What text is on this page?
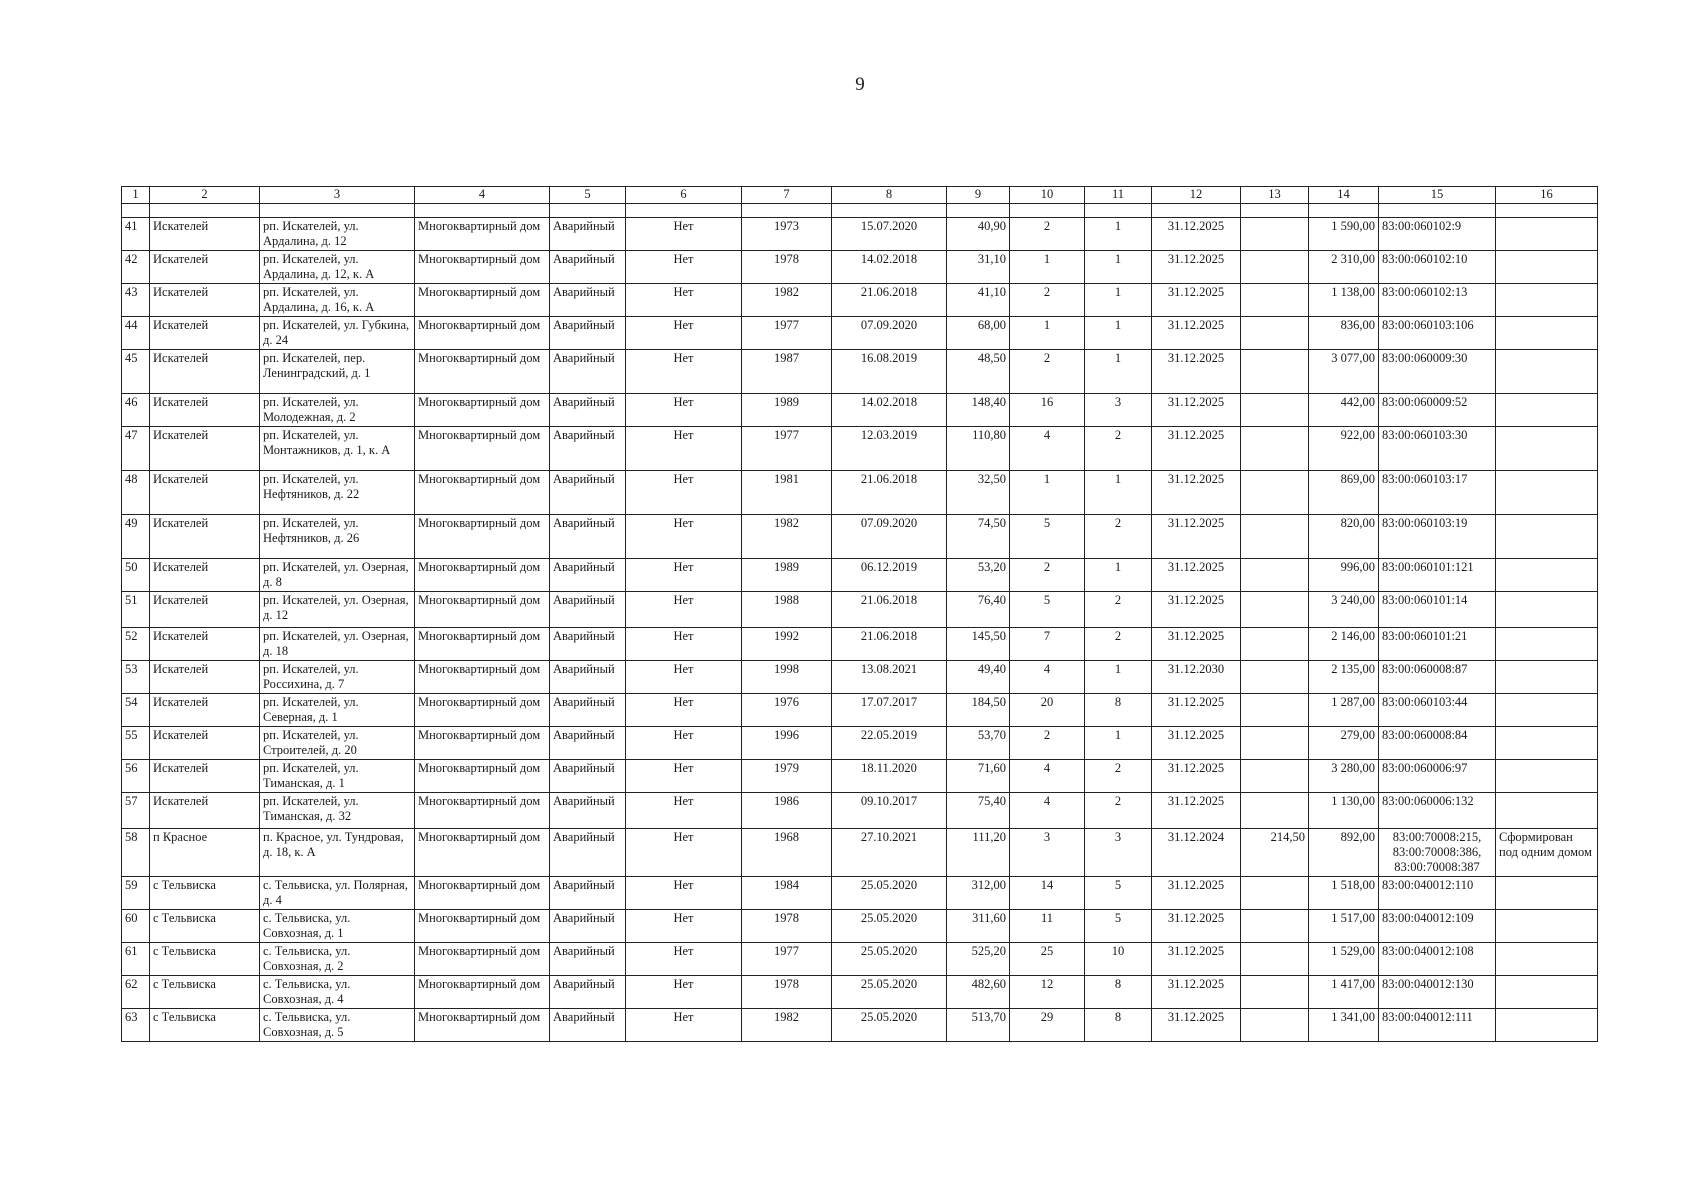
9
1	2	3	4	5	6	7	8	9	10	11	12	13	14	15	16

41	Искателей	рп. Искателей, ул. Ардалина, д. 12	Многоквартирный дом	Аварийный	Нет	1973	15.07.2020	40,90	2	1	31.12.2025		1 590,00	83:00:060102:9	
42	Искателей	рп. Искателей, ул. Ардалина, д. 12, к. А	Многоквартирный дом	Аварийный	Нет	1978	14.02.2018	31,10	1	1	31.12.2025		2 310,00	83:00:060102:10	
43	Искателей	рп. Искателей, ул. Ардалина, д. 16, к. А	Многоквартирный дом	Аварийный	Нет	1982	21.06.2018	41,10	2	1	31.12.2025		1 138,00	83:00:060102:13	
44	Искателей	рп. Искателей, ул. Губкина, д. 24	Многоквартирный дом	Аварийный	Нет	1977	07.09.2020	68,00	1	1	31.12.2025		836,00	83:00:060103:106	
45	Искателей	рп. Искателей, пер. Ленинградский, д. 1	Многоквартирный дом	Аварийный	Нет	1987	16.08.2019	48,50	2	1	31.12.2025		3 077,00	83:00:060009:30	
46	Искателей	рп. Искателей, ул. Молодежная, д. 2	Многоквартирный дом	Аварийный	Нет	1989	14.02.2018	148,40	16	3	31.12.2025		442,00	83:00:060009:52	
47	Искателей	рп. Искателей, ул. Монтажников, д. 1, к. А	Многоквартирный дом	Аварийный	Нет	1977	12.03.2019	110,80	4	2	31.12.2025		922,00	83:00:060103:30	
48	Искателей	рп. Искателей, ул. Нефтяников, д. 22	Многоквартирный дом	Аварийный	Нет	1981	21.06.2018	32,50	1	1	31.12.2025		869,00	83:00:060103:17	
49	Искателей	рп. Искателей, ул. Нефтяников, д. 26	Многоквартирный дом	Аварийный	Нет	1982	07.09.2020	74,50	5	2	31.12.2025		820,00	83:00:060103:19	
50	Искателей	рп. Искателей, ул. Озерная, д. 8	Многоквартирный дом	Аварийный	Нет	1989	06.12.2019	53,20	2	1	31.12.2025		996,00	83:00:060101:121	
51	Искателей	рп. Искателей, ул. Озерная, д. 12	Многоквартирный дом	Аварийный	Нет	1988	21.06.2018	76,40	5	2	31.12.2025		3 240,00	83:00:060101:14	
52	Искателей	рп. Искателей, ул. Озерная, д. 18	Многоквартирный дом	Аварийный	Нет	1992	21.06.2018	145,50	7	2	31.12.2025		2 146,00	83:00:060101:21	
53	Искателей	рп. Искателей, ул. Россихина, д. 7	Многоквартирный дом	Аварийный	Нет	1998	13.08.2021	49,40	4	1	31.12.2030		2 135,00	83:00:060008:87	
54	Искателей	рп. Искателей, ул. Северная, д. 1	Многоквартирный дом	Аварийный	Нет	1976	17.07.2017	184,50	20	8	31.12.2025		1 287,00	83:00:060103:44	
55	Искателей	рп. Искателей, ул. Строителей, д. 20	Многоквартирный дом	Аварийный	Нет	1996	22.05.2019	53,70	2	1	31.12.2025		279,00	83:00:060008:84	
56	Искателей	рп. Искателей, ул. Тиманская, д. 1	Многоквартирный дом	Аварийный	Нет	1979	18.11.2020	71,60	4	2	31.12.2025		3 280,00	83:00:060006:97	
57	Искателей	рп. Искателей, ул. Тиманская, д. 32	Многоквартирный дом	Аварийный	Нет	1986	09.10.2017	75,40	4	2	31.12.2025		1 130,00	83:00:060006:132	
58	п Красное	п. Красное, ул. Тундровая, д. 18, к. А	Многоквартирный дом	Аварийный	Нет	1968	27.10.2021	111,20	3	3	31.12.2024	214,50	892,00	83:00:70008:215, 83:00:70008:386, 83:00:70008:387	Сформирован под одним домом
59	с Тельвиска	с. Тельвиска, ул. Полярная, д. 4	Многоквартирный дом	Аварийный	Нет	1984	25.05.2020	312,00	14	5	31.12.2025		1 518,00	83:00:040012:110	
60	с Тельвиска	с. Тельвиска, ул. Совхозная, д. 1	Многоквартирный дом	Аварийный	Нет	1978	25.05.2020	311,60	11	5	31.12.2025		1 517,00	83:00:040012:109	
61	с Тельвиска	с. Тельвиска, ул. Совхозная, д. 2	Многоквартирный дом	Аварийный	Нет	1977	25.05.2020	525,20	25	10	31.12.2025		1 529,00	83:00:040012:108	
62	с Тельвиска	с. Тельвиска, ул. Совхозная, д. 4	Многоквартирный дом	Аварийный	Нет	1978	25.05.2020	482,60	12	8	31.12.2025		1 417,00	83:00:040012:130	
63	с Тельвиска	с. Тельвиска, ул. Совхозная, д. 5	Многоквартирный дом	Аварийный	Нет	1982	25.05.2020	513,70	29	8	31.12.2025		1 341,00	83:00:040012:111	
